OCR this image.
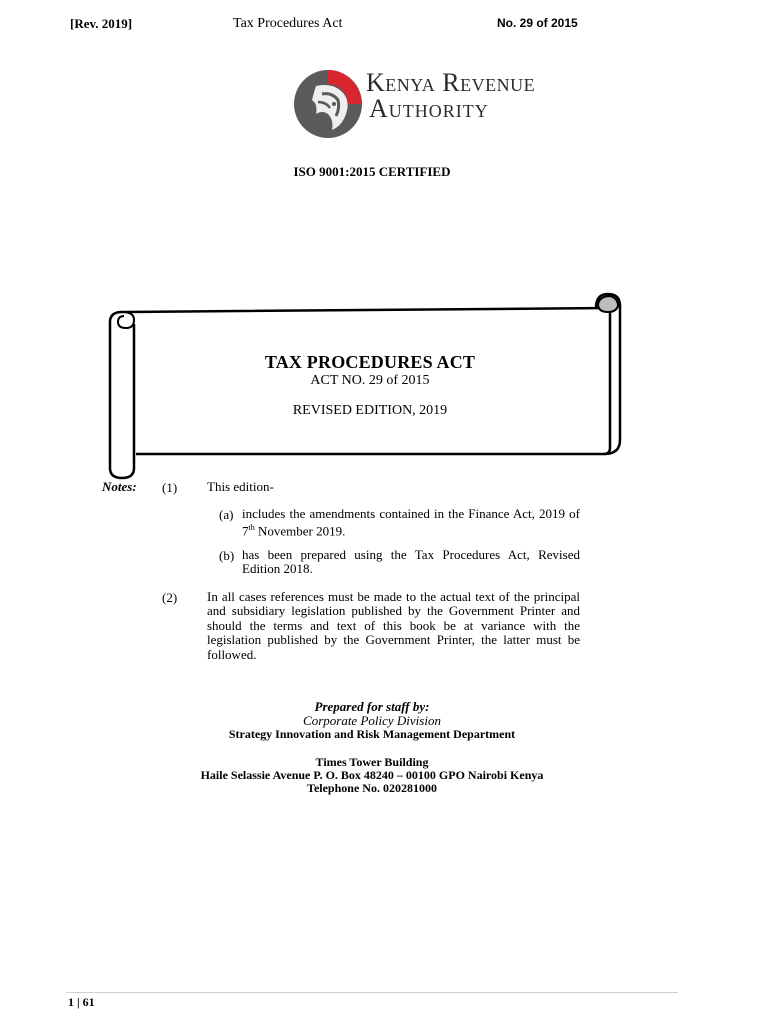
[Rev. 2019]	Tax Procedures Act	No. 29 of 2015
Kenya Revenue
Authority
ISO 9001:2015 CERTIFIED
TAX PROCEDURES ACT
ACT NO. 29 of 2015
REVISED EDITION, 2019
Notes: (1) This edition-
(a) includes the amendments contained in the Finance Act, 2019 of 7th November 2019.

(b) has been prepared using the Tax Procedures Act, Revised Edition 2018.

(2) In all cases references must be made to the actual text of the principal and subsidiary legislation published by the Government Printer and should the terms and text of this book be at variance with the legislation published by the Government Printer, the latter must be followed.

Prepared for staff by:
Corporate Policy Division
Strategy Innovation and Risk Management Department
Times Tower Building
Haile Selassie Avenue P. O. Box 48240 – 00100 GPO Nairobi Kenya
Telephone No. 020281000
1 | 61
